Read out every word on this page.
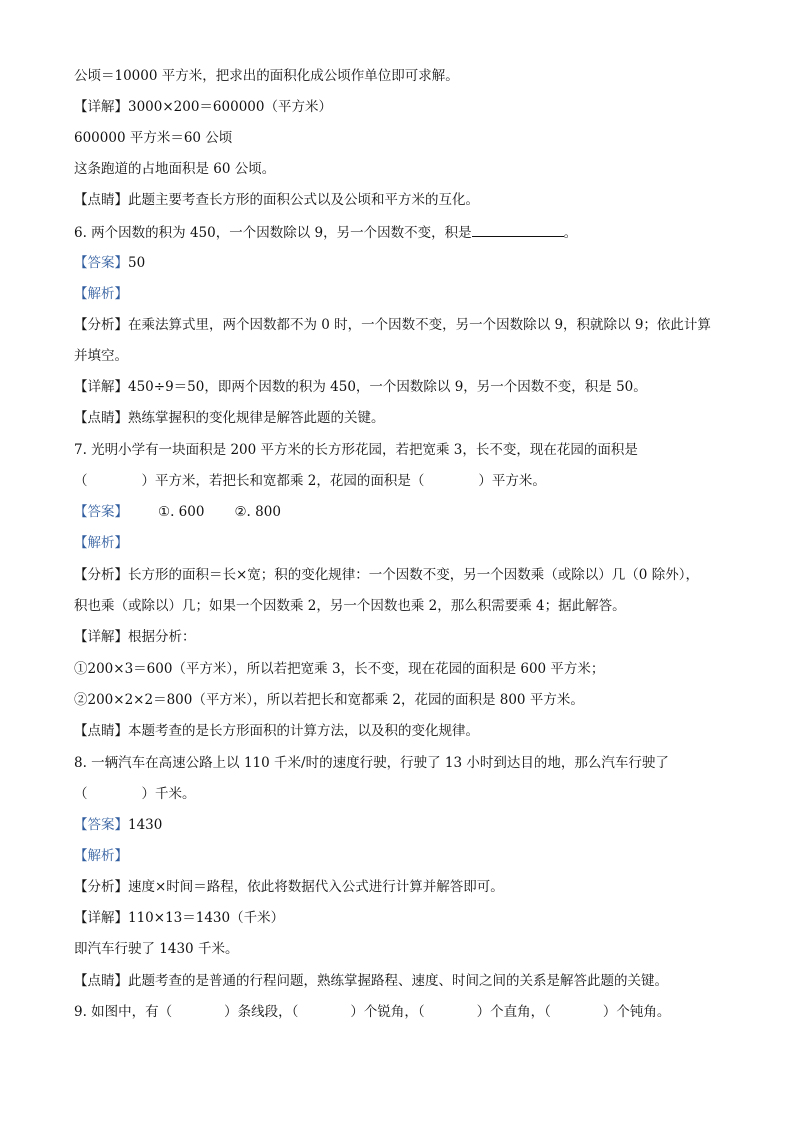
公顷＝10000 平方米，把求出的面积化成公顷作单位即可求解。
【详解】3000×200＝600000（平方米）
600000 平方米＝60 公顷
这条跑道的占地面积是 60 公顷。
【点睛】此题主要考查长方形的面积公式以及公顷和平方米的互化。
6. 两个因数的积为 450，一个因数除以 9，另一个因数不变，积是	。
【答案】50
【解析】
【分析】在乘法算式里，两个因数都不为 0 时，一个因数不变，另一个因数除以 9，积就除以 9；依此计算
并填空。
【详解】450÷9＝50，即两个因数的积为 450，一个因数除以 9，另一个因数不变，积是 50。
【点睛】熟练掌握积的变化规律是解答此题的关键。
7. 光明小学有一块面积是 200 平方米的长方形花园，若把宽乘 3，长不变，现在花园的面积是
（	）平方米，若把长和宽都乘 2，花园的面积是（	）平方米。
【答案】 ①. 600 ②. 800
【解析】
【分析】长方形的面积＝长×宽；积的变化规律：一个因数不变，另一个因数乘（或除以）几（0 除外），
积也乘（或除以）几；如果一个因数乘 2，另一个因数也乘 2，那么积需要乘 4；据此解答。
【详解】根据分析：
①200×3＝600（平方米），所以若把宽乘 3，长不变，现在花园的面积是 600 平方米；
②200×2×2＝800（平方米），所以若把长和宽都乘 2，花园的面积是 800 平方米。
【点睛】本题考查的是长方形面积的计算方法，以及积的变化规律。
8. 一辆汽车在高速公路上以 110 千米/时的速度行驶，行驶了 13 小时到达目的地，那么汽车行驶了
（	）千米。
【答案】1430
【解析】
【分析】速度×时间＝路程，依此将数据代入公式进行计算并解答即可。
【详解】110×13＝1430（千米）
即汽车行驶了 1430 千米。
【点睛】此题考查的是普通的行程问题，熟练掌握路程、速度、时间之间的关系是解答此题的关键。
9. 如图中，有（	）条线段，（	）个锐角，（	）个直角，（	）个钝角。
